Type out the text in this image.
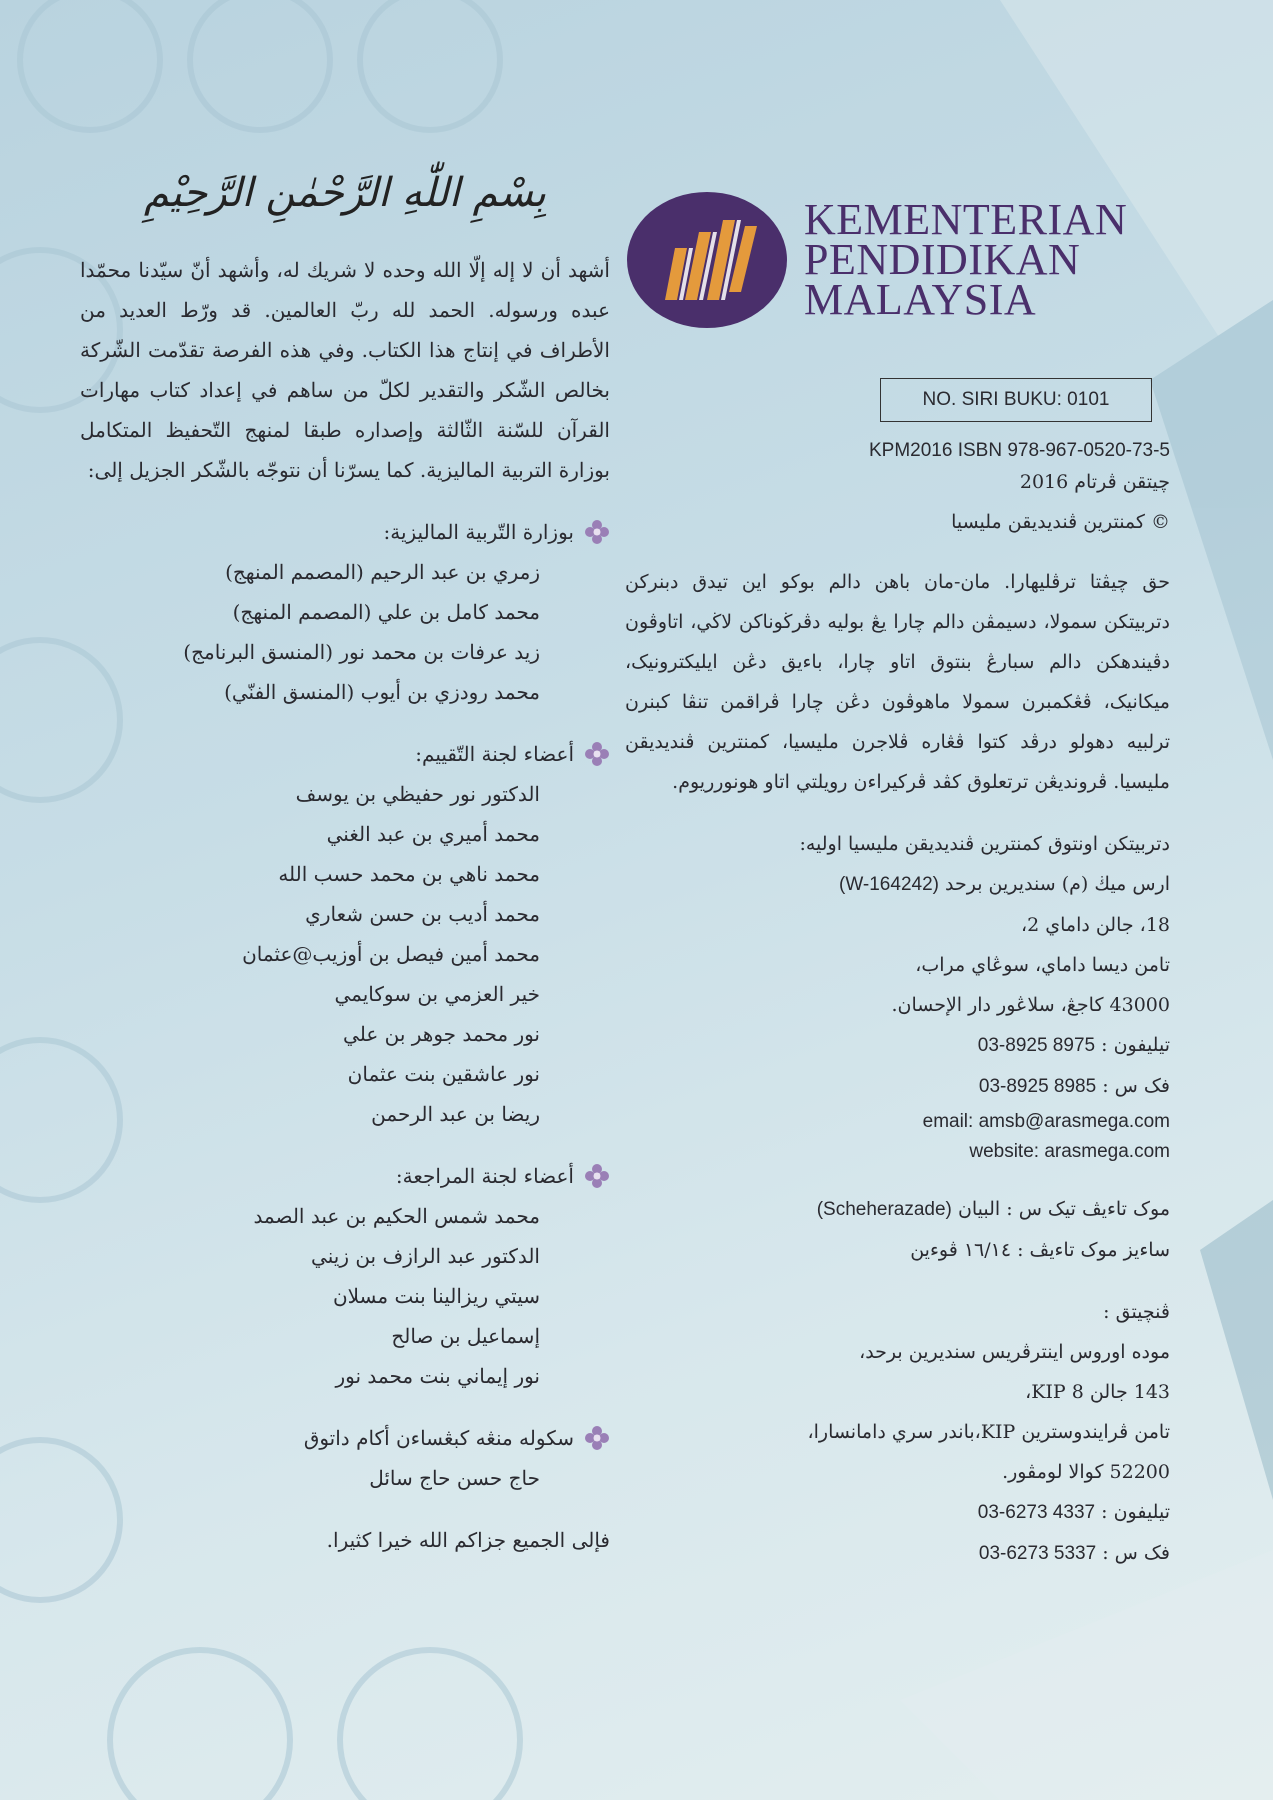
بِسْمِ اللّٰهِ الرَّحْمٰنِ الرَّحِيْمِ

أشهد أن لا إله إلّا الله وحده لا شريك له، وأشهد أنّ سيّدنا محمّدا عبده ورسوله. الحمد لله ربّ العالمين. قد ورّط العديد من الأطراف في إنتاج هذا الكتاب. وفي هذه الفرصة تقدّمت الشّركة بخالص الشّكر والتقدير لكلّ من ساهم في إعداد كتاب مهارات القرآن للسّنة الثّالثة وإصداره طبقا لمنهج التّحفيظ المتكامل بوزارة التربية الماليزية. كما يسرّنا أن نتوجّه بالشّكر الجزيل إلى:

بوزارة التّربية الماليزية:
زمري بن عبد الرحيم (المصمم المنهج)
محمد كامل بن علي (المصمم المنهج)
زيد عرفات بن محمد نور (المنسق البرنامج)
محمد رودزي بن أيوب (المنسق الفنّي)
أعضاء لجنة التّقييم:
الدكتور نور حفيظي بن يوسف
محمد أميري بن عبد الغني
محمد ناهي بن محمد حسب الله
محمد أديب بن حسن شعاري
محمد أمين فيصل بن أوزيب@عثمان
خير العزمي بن سوكايمي
نور محمد جوهر بن علي
نور عاشقين بنت عثمان
ريضا بن عبد الرحمن
أعضاء لجنة المراجعة:
محمد شمس الحكيم بن عبد الصمد
الدكتور عبد الرازف بن زيني
سيتي ريزالينا بنت مسلان
إسماعيل بن صالح
نور إيماني بنت محمد نور
سكوله منڠه كبڠساءن أكام داتوق
حاج حسن حاج سائل
فإلى الجميع جزاكم الله خيرا كثيرا.
KEMENTERIAN
PENDIDIKAN
MALAYSIA
NO. SIRI BUKU: 0101
KPM2016 ISBN 978-967-0520-73-5
چيتقن ڤرتام 2016
© كمنترين ڤنديديقن مليسيا
حق چيڤتا ترڤليهارا. مان-مان باهن دالم بوكو اين تيدق دبنركن دتربيتكن سمولا، دسيمڤن دالم چارا يڠ بوليه دڤرڬوناكن لاڬي، اتاوڤون دڤيندهكن دالم سبارڠ بنتوق اتاو چارا، باءيق دڠن ايليكترونيک، ميكانيک، ڤڠكمبرن سمولا ماهوڤون دڠن چارا ڤراقمن تنڤا كبنرن ترلبيه دهولو درڤد كتوا ڤڠاره ڤلاجرن مليسيا، كمنترين ڤنديديقن مليسيا. ڤرونديڠن ترتعلوق كڤد ڤركيراءن رويلتي اتاو هونورريوم.
دتربيتكن اونتوق كمنترين ڤنديديقن مليسيا اوليه:
ارس ميڬ (م) سنديرين برحد (W-164242)
18، جالن داماي 2،
تامن ديسا داماي، سوڠاي مراب،
43000 كاجڠ، سلاڠور دار الإحسان.
تيليفون : 03-8925 8975
فک س : 03-8925 8985
email: amsb@arasmega.com
website: arasmega.com
موک تاءيڤ تيک س : البيان (Scheherazade)
ساءيز موک تاءيڤ : ١٦/١٤ ڤوءين
ڤنچيتق :
موده اوروس اينترڤريس سنديرين برحد،
143 جالن KIP 8،
تامن ڤرايندوسترين KIP،باندر سري دامانسارا،
52200 كوالا لومڤور.
تيليفون : 03-6273 4337
فک س : 03-6273 5337
